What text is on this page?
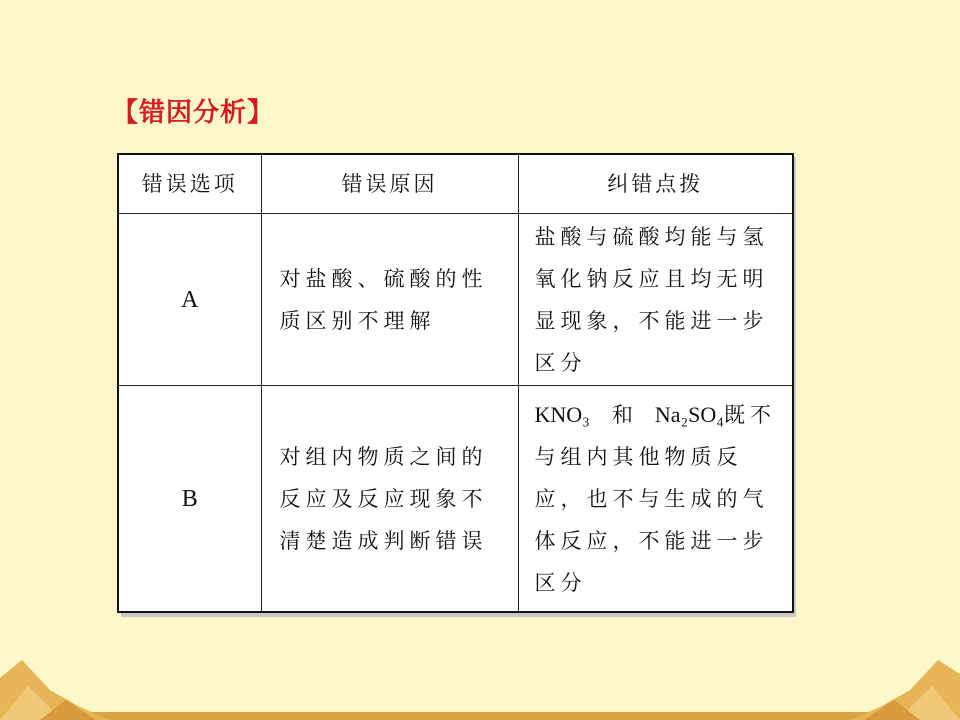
【错因分析】
错误选项	错误原因	纠错点拨
A	对盐酸、硫酸的性质区别不理解	盐酸与硫酸均能与氢氧化钠反应且均无明显现象，不能进一步区分
B	对组内物质之间的反应及反应现象不清楚造成判断错误	KNO₃ 和 Na₂SO₄既不与组内其他物质反应，也不与生成的气体反应，不能进一步区分
